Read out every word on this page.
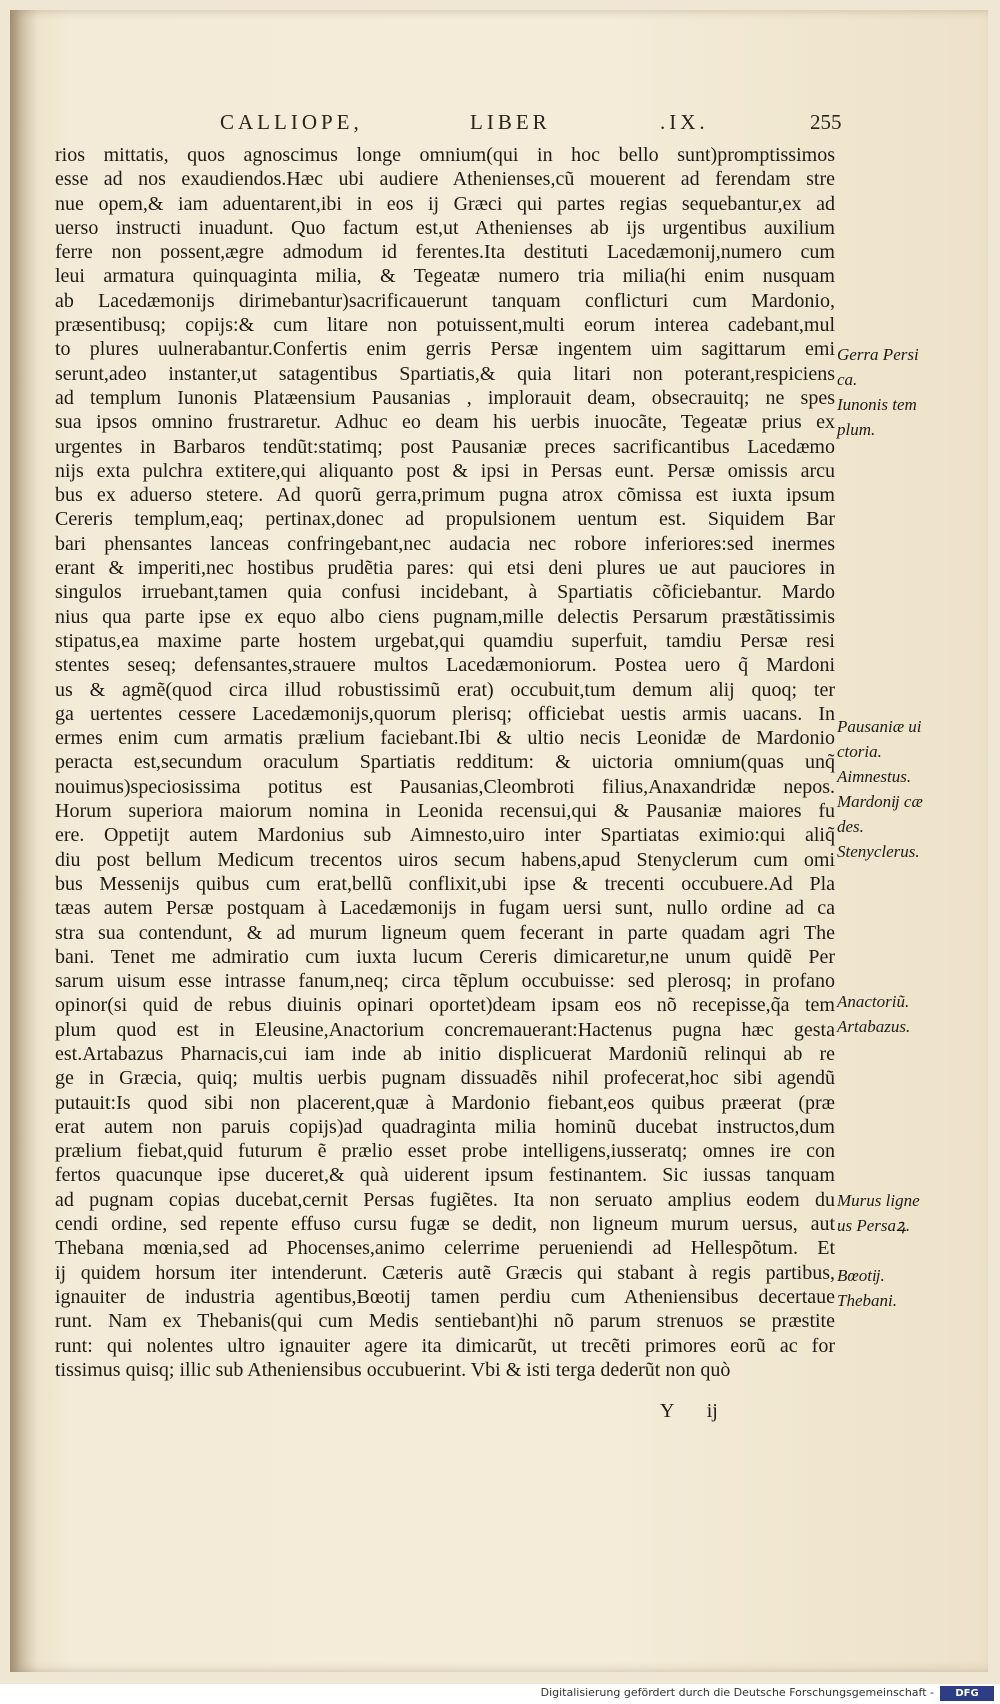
CALLIOPE,	LIBER	.IX.	255
rios mittatis, quos agnoscimus longe omnium(qui in hoc bello sunt)promptissimos
esse ad nos exaudiendos.Hæc ubi audiere Athenienses,cũ mouerent ad ferendam stre
nue opem,& iam aduentarent,ibi in eos ĳ Græci qui partes regias sequebantur,ex ad
uerso instructi inuadunt. Quo factum est,ut Athenienses ab ĳs urgentibus auxilium
ferre non possent,ægre admodum id ferentes.Ita destituti Lacedæmonĳ,numero cum
leui armatura quinquaginta milia, & Tegeatæ numero tria milia(hi enim nusquam
ab Lacedæmonĳs dirimebantur)sacrificauerunt tanquam conflicturi cum Mardonio,
præsentibusq; copĳs:& cum litare non potuissent,multi eorum interea cadebant,mul
to plures uulnerabantur.Confertis enim gerris Persæ ingentem uim sagittarum emi
serunt,adeo instanter,ut satagentibus Spartiatis,& quia litari non poterant,respiciens
ad templum Iunonis Platæensium Pausanias , implorauit deam, obsecrauitq; ne spes
sua ipsos omnino frustraretur. Adhuc eo deam his uerbis inuocãte, Tegeatæ prius ex
urgentes in Barbaros tendũt:statimq; post Pausaniæ preces sacrificantibus Lacedæmo
nĳs exta pulchra extitere,qui aliquanto post & ipsi in Persas eunt. Persæ omissis arcu
bus ex aduerso stetere. Ad quorũ gerra,primum pugna atrox cõmissa est iuxta ipsum
Cereris templum,eaq; pertinax,donec ad propulsionem uentum est. Siquidem Bar
bari phensantes lanceas confringebant,nec audacia nec robore inferiores:sed inermes
erant & imperiti,nec hostibus prudẽtia pares: qui etsi deni plures ue aut pauciores in
singulos irruebant,tamen quia confusi incidebant, à Spartiatis cõficiebantur. Mardo
nius qua parte ipse ex equo albo ciens pugnam,mille delectis Persarum præstãtissimis
stipatus,ea maxime parte hostem urgebat,qui quamdiu superfuit, tamdiu Persæ resi
stentes seseq; defensantes,strauere multos Lacedæmoniorum. Postea uero q̃ Mardoni
us & agmẽ(quod circa illud robustissimũ erat) occubuit,tum demum alĳ quoq; ter
ga uertentes cessere Lacedæmonĳs,quorum plerisq; officiebat uestis armis uacans. In
ermes enim cum armatis prælium faciebant.Ibi & ultio necis Leonidæ de Mardonio
peracta est,secundum oraculum Spartiatis redditum: & uictoria omnium(quas unq̃
nouimus)speciosissima potitus est Pausanias,Cleombroti filius,Anaxandridæ nepos.
Horum superiora maiorum nomina in Leonida recensui,qui & Pausaniæ maiores fu
ere. Oppetĳt autem Mardonius sub Aimnesto,uiro inter Spartiatas eximio:qui aliq̃
diu post bellum Medicum trecentos uiros secum habens,apud Stenyclerum cum omi
bus Messenĳs quibus cum erat,bellũ conflixit,ubi ipse & trecenti occubuere.Ad Pla
tæas autem Persæ postquam à Lacedæmonĳs in fugam uersi sunt, nullo ordine ad ca
stra sua contendunt, & ad murum ligneum quem fecerant in parte quadam agri The
bani. Tenet me admiratio cum iuxta lucum Cereris dimicaretur,ne unum quidẽ Per
sarum uisum esse intrasse fanum,neq; circa tẽplum occubuisse: sed plerosq; in profano
opinor(si quid de rebus diuinis opinari oportet)deam ipsam eos nõ recepisse,q̃a tem
plum quod est in Eleusine,Anactorium concremauerant:Hactenus pugna hæc gesta
est.Artabazus Pharnacis,cui iam inde ab initio displicuerat Mardoniũ relinqui ab re
ge in Græcia, quiq; multis uerbis pugnam dissuadẽs nihil profecerat,hoc sibi agendũ
putauit:Is quod sibi non placerent,quæ à Mardonio fiebant,eos quibus præerat (præ
erat autem non paruis copĳs)ad quadraginta milia hominũ ducebat instructos,dum
prælium fiebat,quid futurum ẽ prælio esset probe intelligens,iusseratq; omnes ire con
fertos quacunque ipse duceret,& quà uiderent ipsum festinantem. Sic iussas tanquam
ad pugnam copias ducebat,cernit Persas fugiẽtes. Ita non seruato amplius eodem du
cendi ordine, sed repente effuso cursu fugæ se dedit, non ligneum murum uersus, aut
Thebana mœnia,sed ad Phocenses,animo celerrime perueniendi ad Hellespõtum. Et
ĳ quidem horsum iter intenderunt. Cæteris autẽ Græcis qui stabant à regis partibus,
ignauiter de industria agentibus,Bœotĳ tamen perdiu cum Atheniensibus decertaue
runt. Nam ex Thebanis(qui cum Medis sentiebant)hi nõ parum strenuos se præstite
runt: qui nolentes ultro ignauiter agere ita dimicarũt, ut trecẽti primores eorũ ac for
tissimus quisq; illic sub Atheniensibus occubuerint. Vbi & isti terga dederũt non quò
Gerra Persi
ca.
Iunonis tem
plum.
Pausaniæ ui
ctoria.
Aimnestus.
Mardonĳ cæ
des.
Stenyclerus.
Anactoriũ.
Artabazus.
Murus ligne
us Persaꝝ.
Bœotĳ.
Thebani.
Y ĳ
Digitalisierung gefördert durch die Deutsche Forschungsgemeinschaft -	DFG
